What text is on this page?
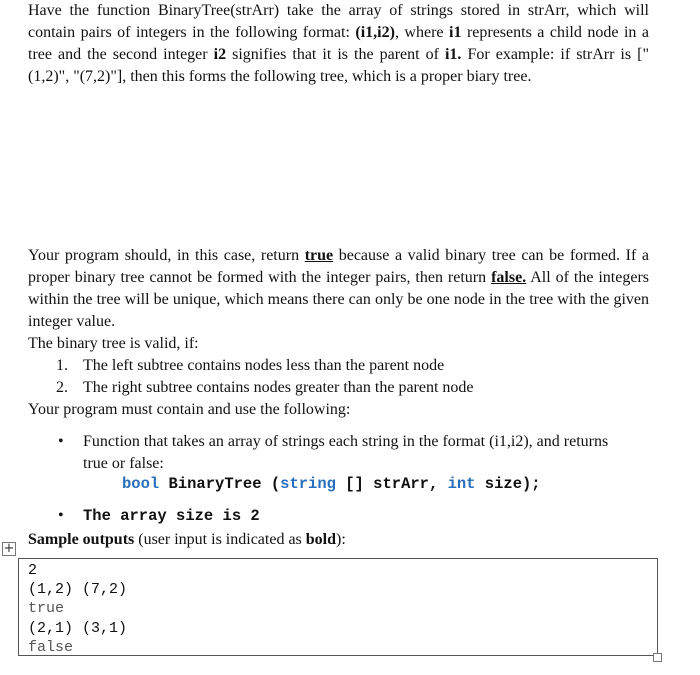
Have the function BinaryTree(strArr) take the array of strings stored in strArr, which will contain pairs of integers in the following format: (i1,i2), where i1 represents a child node in a tree and the second integer i2 signifies that it is the parent of i1. For example: if strArr is ["(1,2)", "(7,2)"], then this forms the following tree, which is a proper biary tree.
Your program should, in this case, return true because a valid binary tree can be formed. If a proper binary tree cannot be formed with the integer pairs, then return false. All of the integers within the tree will be unique, which means there can only be one node in the tree with the given integer value.
The binary tree is valid, if:
1. The left subtree contains nodes less than the parent node
2. The right subtree contains nodes greater than the parent node
Your program must contain and use the following:
• Function that takes an array of strings each string in the format (i1,i2), and returns
true or false:
bool BinaryTree (string [] strArr, int size);
• The array size is 2
+
Sample outputs (user input is indicated as bold):
2
(1,2) (7,2)
true
(2,1) (3,1)
false
